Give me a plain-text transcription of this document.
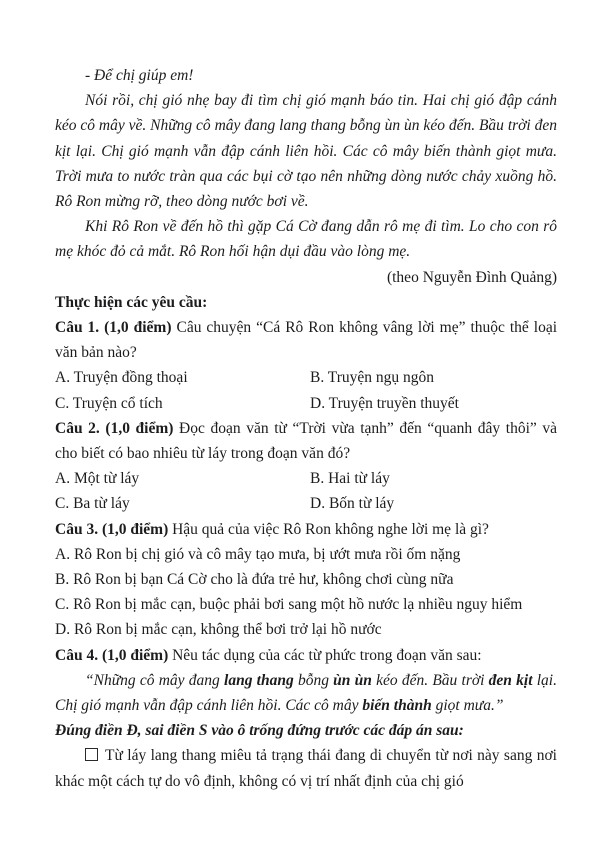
- Để chị giúp em!

Nói rồi, chị gió nhẹ bay đi tìm chị gió mạnh báo tin. Hai chị gió đập cánh kéo cô mây về. Những cô mây đang lang thang bỗng ùn ùn kéo đến. Bầu trời đen kịt lại. Chị gió mạnh vẫn đập cánh liên hồi. Các cô mây biến thành giọt mưa. Trời mưa to nước tràn qua các bụi cờ tạo nên những dòng nước chảy xuồng hồ. Rô Ron mừng rỡ, theo dòng nước bơi về.

Khi Rô Ron về đến hồ thì gặp Cá Cờ đang dẫn rô mẹ đi tìm. Lo cho con rô mẹ khóc đỏ cả mắt. Rô Ron hối hận dụi đầu vào lòng mẹ.

(theo Nguyễn Đình Quảng)

Thực hiện các yêu cầu:

Câu 1. (1,0 điểm) Câu chuyện “Cá Rô Ron không vâng lời mẹ” thuộc thể loại văn bản nào?

A. Truyện đồng thoại	B. Truyện ngụ ngôn
C. Truyện cổ tích	D. Truyện truyền thuyết

Câu 2. (1,0 điểm) Đọc đoạn văn từ “Trời vừa tạnh” đến “quanh đây thôi” và cho biết có bao nhiêu từ láy trong đoạn văn đó?

A. Một từ láy	B. Hai từ láy
C. Ba từ láy	D. Bốn từ láy

Câu 3. (1,0 điểm) Hậu quả của việc Rô Ron không nghe lời mẹ là gì?

A. Rô Ron bị chị gió và cô mây tạo mưa, bị ướt mưa rồi ốm nặng
B. Rô Ron bị bạn Cá Cờ cho là đứa trẻ hư, không chơi cùng nữa
C. Rô Ron bị mắc cạn, buộc phải bơi sang một hồ nước lạ nhiều nguy hiểm
D. Rô Ron bị mắc cạn, không thể bơi trở lại hồ nước

Câu 4. (1,0 điểm) Nêu tác dụng của các từ phức trong đoạn văn sau:

“Những cô mây đang lang thang bỗng ùn ùn kéo đến. Bầu trời đen kịt lại. Chị gió mạnh vẫn đập cánh liên hồi. Các cô mây biến thành giọt mưa.”

Đúng điền Đ, sai điền S vào ô trống đứng trước các đáp án sau:

Từ láy lang thang miêu tả trạng thái đang di chuyển từ nơi này sang nơi khác một cách tự do vô định, không có vị trí nhất định của chị gió
